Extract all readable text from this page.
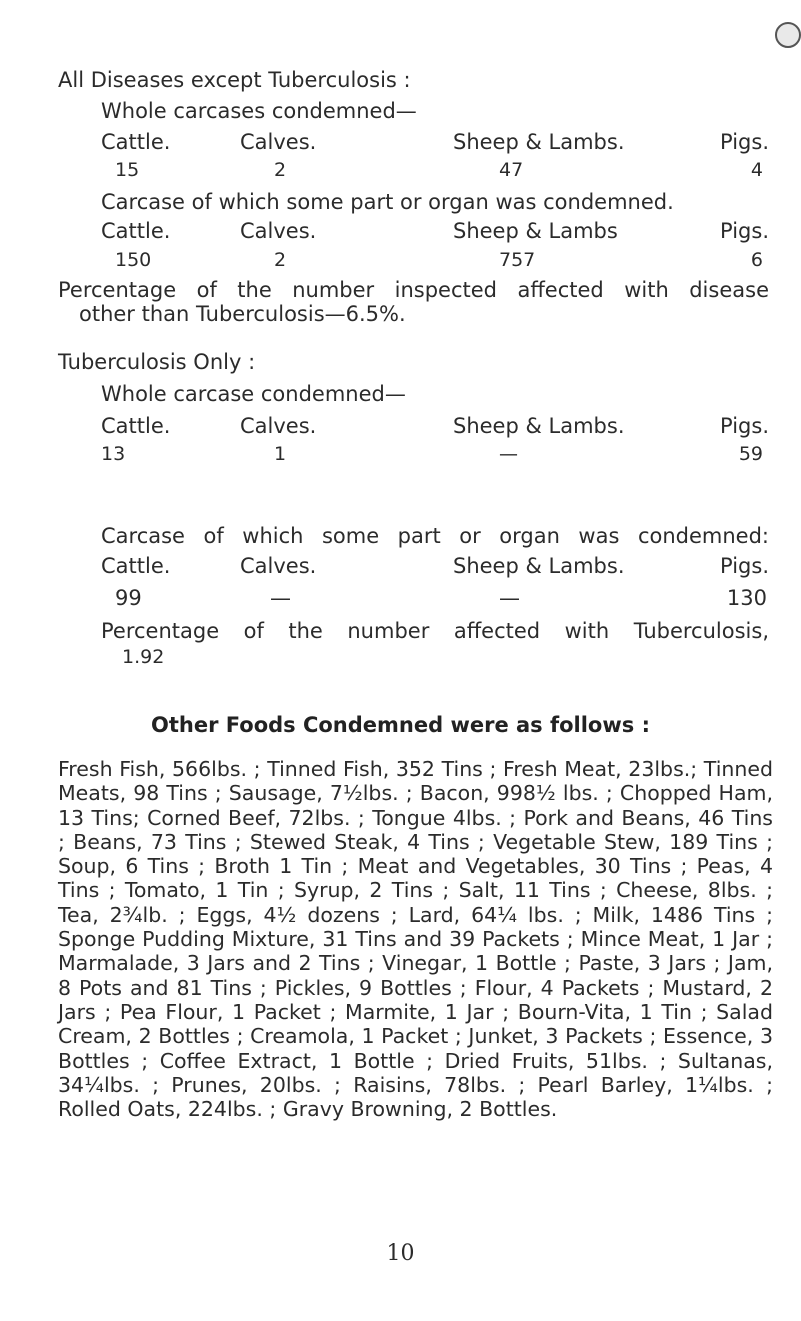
All Diseases except Tuberculosis :
Whole carcases condemned—
Cattle.	Calves.	Sheep & Lambs.	Pigs.
15	2	47	4
Carcase of which some part or organ was condemned.
Cattle.	Calves.	Sheep & Lambs	Pigs.
150	2	757	6
Percentage of the number inspected affected with disease
other than Tuberculosis—6.5%.
Tuberculosis Only :
Whole carcase condemned—
Cattle.	Calves.	Sheep & Lambs.	Pigs.
13	1	—	59
Carcase of which some part or organ was condemned:
Cattle.	Calves.	Sheep & Lambs.	Pigs.
99	—	—	130
Percentage of the number affected with Tuberculosis,
1.92
Other Foods Condemned were as follows :
Fresh Fish, 566lbs. ; Tinned Fish, 352 Tins ; Fresh Meat, 23lbs.; Tinned Meats, 98 Tins ; Sausage, 7½lbs. ; Bacon, 998½ lbs. ; Chopped Ham, 13 Tins; Corned Beef, 72lbs. ; Tongue 4lbs. ; Pork and Beans, 46 Tins ; Beans, 73 Tins ; Stewed Steak, 4 Tins ; Vegetable Stew, 189 Tins ; Soup, 6 Tins ; Broth 1 Tin ; Meat and Vegetables, 30 Tins ; Peas, 4 Tins ; Tomato, 1 Tin ; Syrup, 2 Tins ; Salt, 11 Tins ; Cheese, 8lbs. ; Tea, 2¾lb. ; Eggs, 4½ dozens ; Lard, 64¼ lbs. ; Milk, 1486 Tins ; Sponge Pudding Mixture, 31 Tins and 39 Packets ; Mince Meat, 1 Jar ; Marmalade, 3 Jars and 2 Tins ; Vinegar, 1 Bottle ; Paste, 3 Jars ; Jam, 8 Pots and 81 Tins ; Pickles, 9 Bottles ; Flour, 4 Packets ; Mustard, 2 Jars ; Pea Flour, 1 Packet ; Marmite, 1 Jar ; Bourn-Vita, 1 Tin ; Salad Cream, 2 Bottles ; Creamola, 1 Packet ; Junket, 3 Packets ; Essence, 3 Bottles ; Coffee Extract, 1 Bottle ; Dried Fruits, 51lbs. ; Sultanas, 34¼lbs. ; Prunes, 20lbs. ; Raisins, 78lbs. ; Pearl Barley, 1¼lbs. ; Rolled Oats, 224lbs. ; Gravy Browning, 2 Bottles.
10
